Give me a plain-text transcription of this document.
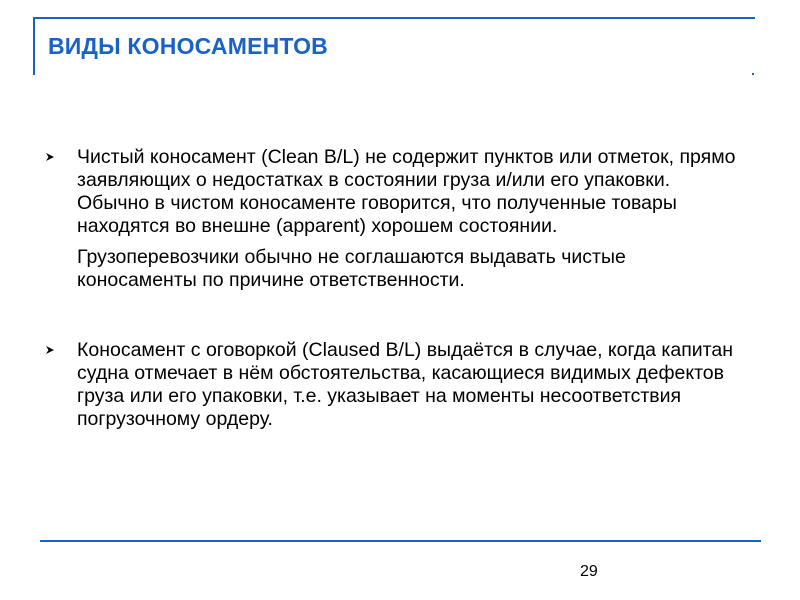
ВИДЫ КОНОСАМЕНТОВ

Чистый коносамент (Clean B/L) не содержит пунктов или отметок, прямо заявляющих о недостатках в состоянии груза и/или его упаковки. Обычно в чистом коносаменте говорится, что полученные товары находятся во внешне (apparent) хорошем состоянии.

Грузоперевозчики обычно не соглашаются выдавать чистые коносаменты по причине ответственности.

Коносамент с оговоркой (Claused B/L) выдаётся в случае, когда капитан судна отмечает в нём обстоятельства, касающиеся видимых дефектов груза или его упаковки, т.е. указывает на моменты несоответствия погрузочному ордеру.

29
